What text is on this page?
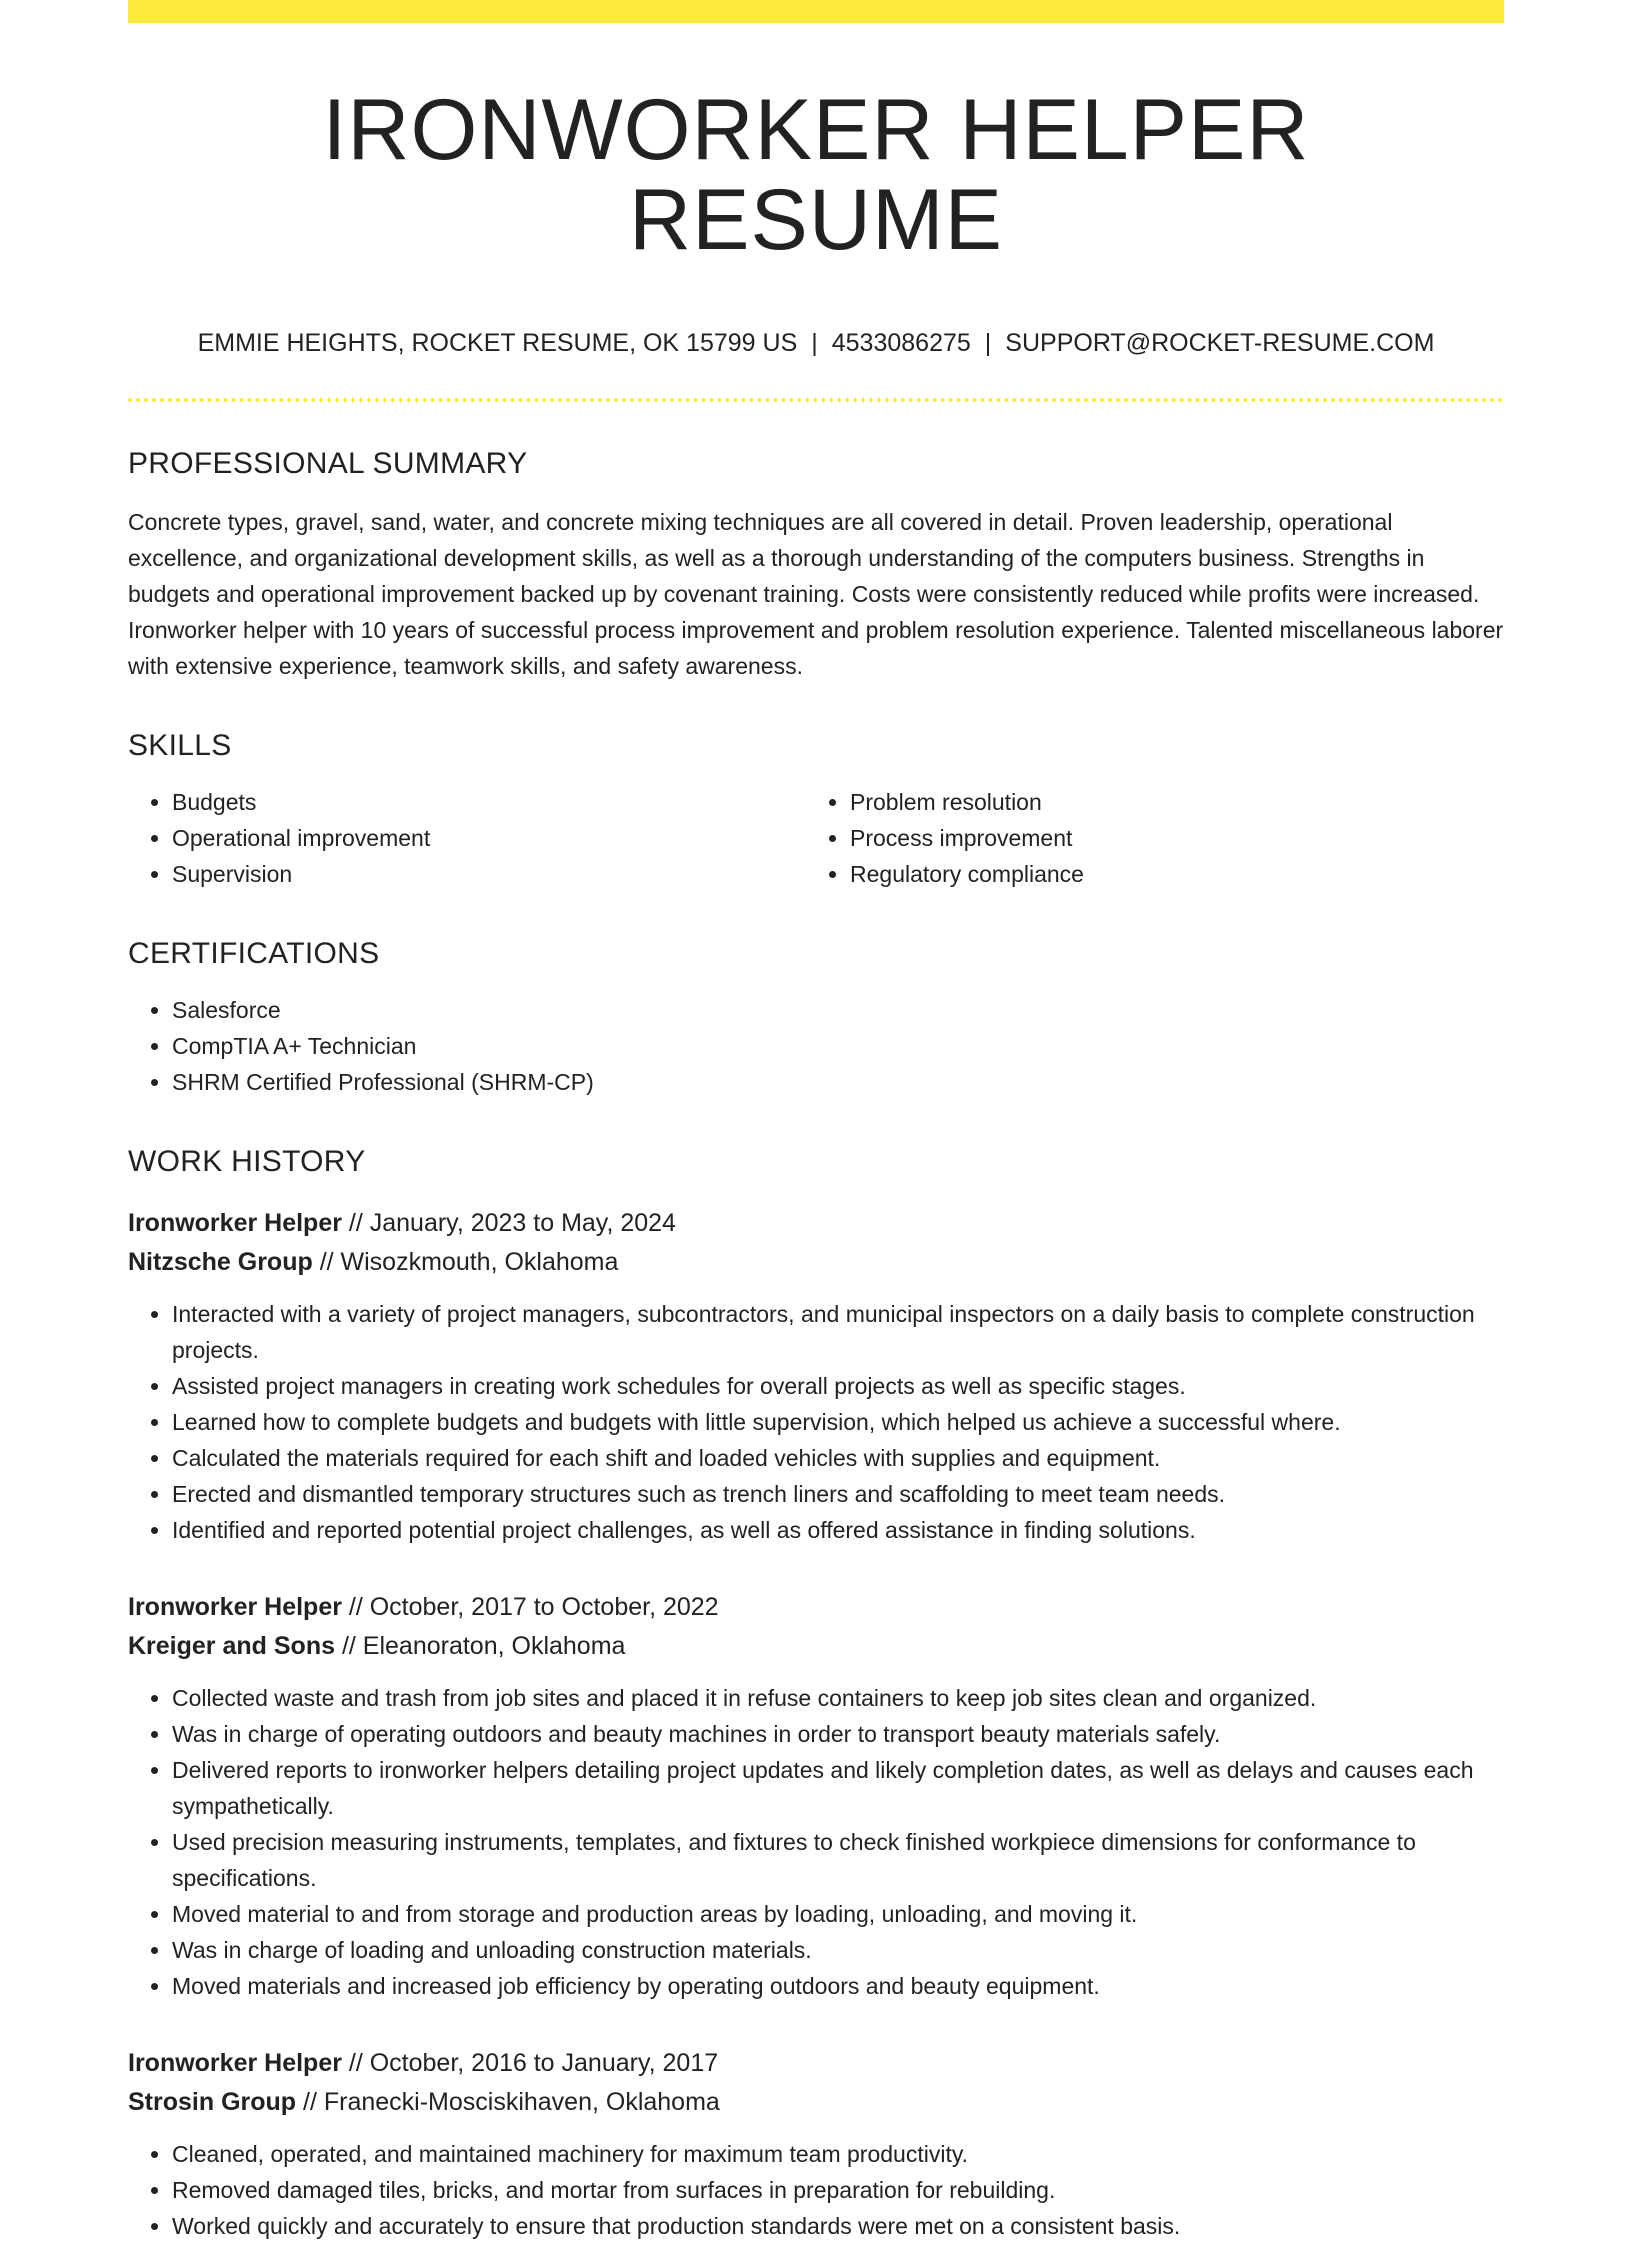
IRONWORKER HELPER RESUME
EMMIE HEIGHTS, ROCKET RESUME, OK 15799 US | 4533086275 | SUPPORT@ROCKET-RESUME.COM
PROFESSIONAL SUMMARY

Concrete types, gravel, sand, water, and concrete mixing techniques are all covered in detail. Proven leadership, operational excellence, and organizational development skills, as well as a thorough understanding of the computers business. Strengths in budgets and operational improvement backed up by covenant training. Costs were consistently reduced while profits were increased. Ironworker helper with 10 years of successful process improvement and problem resolution experience. Talented miscellaneous laborer with extensive experience, teamwork skills, and safety awareness.

SKILLS
• Budgets
• Operational improvement
• Supervision
• Problem resolution
• Process improvement
• Regulatory compliance
CERTIFICATIONS
• Salesforce
• CompTIA A+ Technician
• SHRM Certified Professional (SHRM-CP)
WORK HISTORY
Ironworker Helper // January, 2023 to May, 2024
Nitzsche Group // Wisozkmouth, Oklahoma
• Interacted with a variety of project managers, subcontractors, and municipal inspectors on a daily basis to complete construction projects.
• Assisted project managers in creating work schedules for overall projects as well as specific stages.
• Learned how to complete budgets and budgets with little supervision, which helped us achieve a successful where.
• Calculated the materials required for each shift and loaded vehicles with supplies and equipment.
• Erected and dismantled temporary structures such as trench liners and scaffolding to meet team needs.
• Identified and reported potential project challenges, as well as offered assistance in finding solutions.
Ironworker Helper // October, 2017 to October, 2022
Kreiger and Sons // Eleanoraton, Oklahoma
• Collected waste and trash from job sites and placed it in refuse containers to keep job sites clean and organized.
• Was in charge of operating outdoors and beauty machines in order to transport beauty materials safely.
• Delivered reports to ironworker helpers detailing project updates and likely completion dates, as well as delays and causes each sympathetically.
• Used precision measuring instruments, templates, and fixtures to check finished workpiece dimensions for conformance to specifications.
• Moved material to and from storage and production areas by loading, unloading, and moving it.
• Was in charge of loading and unloading construction materials.
• Moved materials and increased job efficiency by operating outdoors and beauty equipment.
Ironworker Helper // October, 2016 to January, 2017
Strosin Group // Franecki-Mosciskihaven, Oklahoma
• Cleaned, operated, and maintained machinery for maximum team productivity.
• Removed damaged tiles, bricks, and mortar from surfaces in preparation for rebuilding.
• Worked quickly and accurately to ensure that production standards were met on a consistent basis.
